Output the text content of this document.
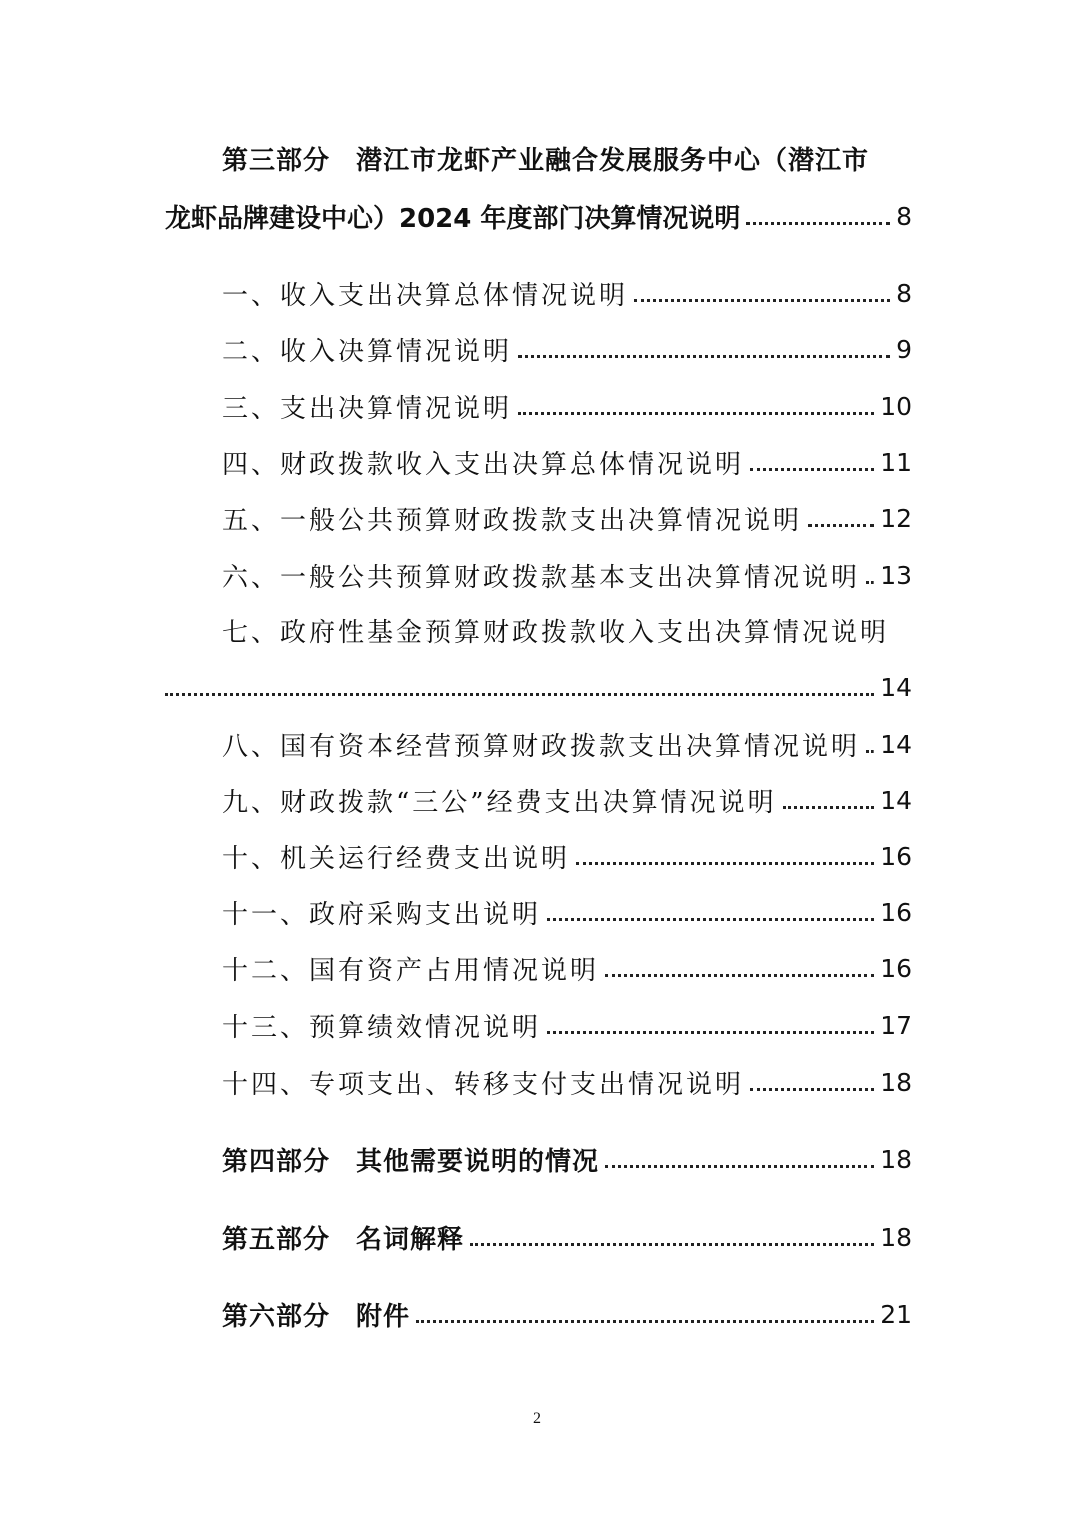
第三部分 潜江市龙虾产业融合发展服务中心（潜江市
龙虾品牌建设中心）2024 年度部门决算情况说明	8
一、收入支出决算总体情况说明	8
二、收入决算情况说明	9
三、支出决算情况说明	10
四、财政拨款收入支出决算总体情况说明	11
五、一般公共预算财政拨款支出决算情况说明	12
六、一般公共预算财政拨款基本支出决算情况说明 13
七、政府性基金预算财政拨款收入支出决算情况说明
14
八、国有资本经营预算财政拨款支出决算情况说明 14
九、财政拨款“三公”经费支出决算情况说明	14
十、机关运行经费支出说明	16
十一、政府采购支出说明	16
十二、国有资产占用情况说明	16
十三、预算绩效情况说明	17
十四、专项支出、转移支付支出情况说明	18
第四部分 其他需要说明的情况	18
第五部分 名词解释	18
第六部分 附件	21
2
